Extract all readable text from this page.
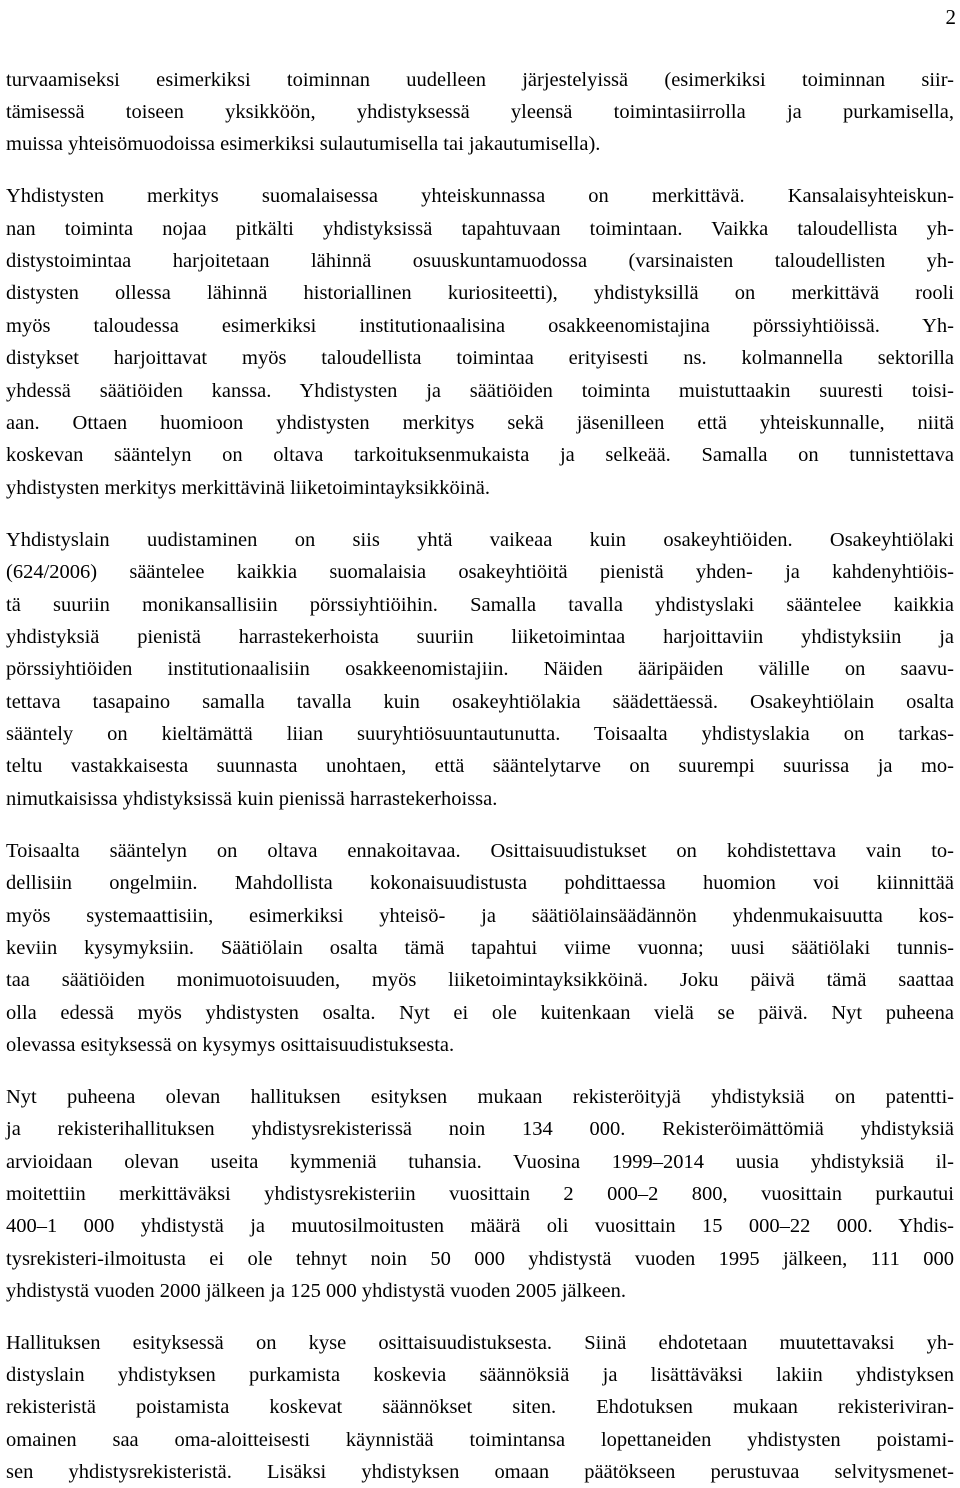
2
turvaamiseksi esimerkiksi toiminnan uudelleen järjestelyissä (esimerkiksi toiminnan siir-
tämisessä toiseen yksikköön, yhdistyksessä yleensä toimintasiirrolla ja purkamisella,
muissa yhteisömuodoissa esimerkiksi sulautumisella tai jakautumisella).
Yhdistysten merkitys suomalaisessa yhteiskunnassa on merkittävä. Kansalaisyhteiskun-
nan toiminta nojaa pitkälti yhdistyksissä tapahtuvaan toimintaan. Vaikka taloudellista yh-
distystoimintaa harjoitetaan lähinnä osuuskuntamuodossa (varsinaisten taloudellisten yh-
distysten ollessa lähinnä historiallinen kuriositeetti), yhdistyksillä on merkittävä rooli
myös taloudessa esimerkiksi institutionaalisina osakkeenomistajina pörssiyhtiöissä. Yh-
distykset harjoittavat myös taloudellista toimintaa erityisesti ns. kolmannella sektorilla
yhdessä säätiöiden kanssa. Yhdistysten ja säätiöiden toiminta muistuttaakin suuresti toisi-
aan. Ottaen huomioon yhdistysten merkitys sekä jäsenilleen että yhteiskunnalle, niitä
koskevan sääntelyn on oltava tarkoituksenmukaista ja selkeää. Samalla on tunnistettava
yhdistysten merkitys merkittävinä liiketoimintayksikköinä.
Yhdistyslain uudistaminen on siis yhtä vaikeaa kuin osakeyhtiöiden. Osakeyhtiölaki
(624/2006) sääntelee kaikkia suomalaisia osakeyhtiöitä pienistä yhden- ja kahdenyhtiöis-
tä suuriin monikansallisiin pörssiyhtiöihin. Samalla tavalla yhdistyslaki sääntelee kaikkia
yhdistyksiä pienistä harrastekerhoista suuriin liiketoimintaa harjoittaviin yhdistyksiin ja
pörssiyhtiöiden institutionaalisiin osakkeenomistajiin. Näiden ääripäiden välille on saavu-
tettava tasapaino samalla tavalla kuin osakeyhtiölakia säädettäessä. Osakeyhtiölain osalta
sääntely on kieltämättä liian suuryhtiösuuntautunutta. Toisaalta yhdistyslakia on tarkas-
teltu vastakkaisesta suunnasta unohtaen, että sääntelytarve on suurempi suurissa ja mo-
nimutkaisissa yhdistyksissä kuin pienissä harrastekerhoissa.
Toisaalta sääntelyn on oltava ennakoitavaa. Osittaisuudistukset on kohdistettava vain to-
dellisiin ongelmiin. Mahdollista kokonaisuudistusta pohdittaessa huomion voi kiinnittää
myös systemaattisiin, esimerkiksi yhteisö- ja säätiölainsäädännön yhdenmukaisuutta kos-
keviin kysymyksiin. Säätiölain osalta tämä tapahtui viime vuonna; uusi säätiölaki tunnis-
taa säätiöiden monimuotoisuuden, myös liiketoimintayksikköinä. Joku päivä tämä saattaa
olla edessä myös yhdistysten osalta. Nyt ei ole kuitenkaan vielä se päivä. Nyt puheena
olevassa esityksessä on kysymys osittaisuudistuksesta.
Nyt puheena olevan hallituksen esityksen mukaan rekisteröityjä yhdistyksiä on patentti-
ja rekisterihallituksen yhdistysrekisterissä noin 134 000. Rekisteröimättömiä yhdistyksiä
arvioidaan olevan useita kymmeniä tuhansia. Vuosina 1999–2014 uusia yhdistyksiä il-
moitettiin merkittäväksi yhdistysrekisteriin vuosittain 2 000–2 800, vuosittain purkautui
400–1 000 yhdistystä ja muutosilmoitusten määrä oli vuosittain 15 000–22 000. Yhdis-
tysrekisteri-ilmoitusta ei ole tehnyt noin 50 000 yhdistystä vuoden 1995 jälkeen, 111 000
yhdistystä vuoden 2000 jälkeen ja 125 000 yhdistystä vuoden 2005 jälkeen.
Hallituksen esityksessä on kyse osittaisuudistuksesta. Siinä ehdotetaan muutettavaksi yh-
distyslain yhdistyksen purkamista koskevia säännöksiä ja lisättäväksi lakiin yhdistyksen
rekisteristä poistamista koskevat säännökset siten. Ehdotuksen mukaan rekisteriviran-
omainen saa oma-aloitteisesti käynnistää toimintansa lopettaneiden yhdistysten poistami-
sen yhdistysrekisteristä. Lisäksi yhdistyksen omaan päätökseen perustuvaa selvitysmenet-
